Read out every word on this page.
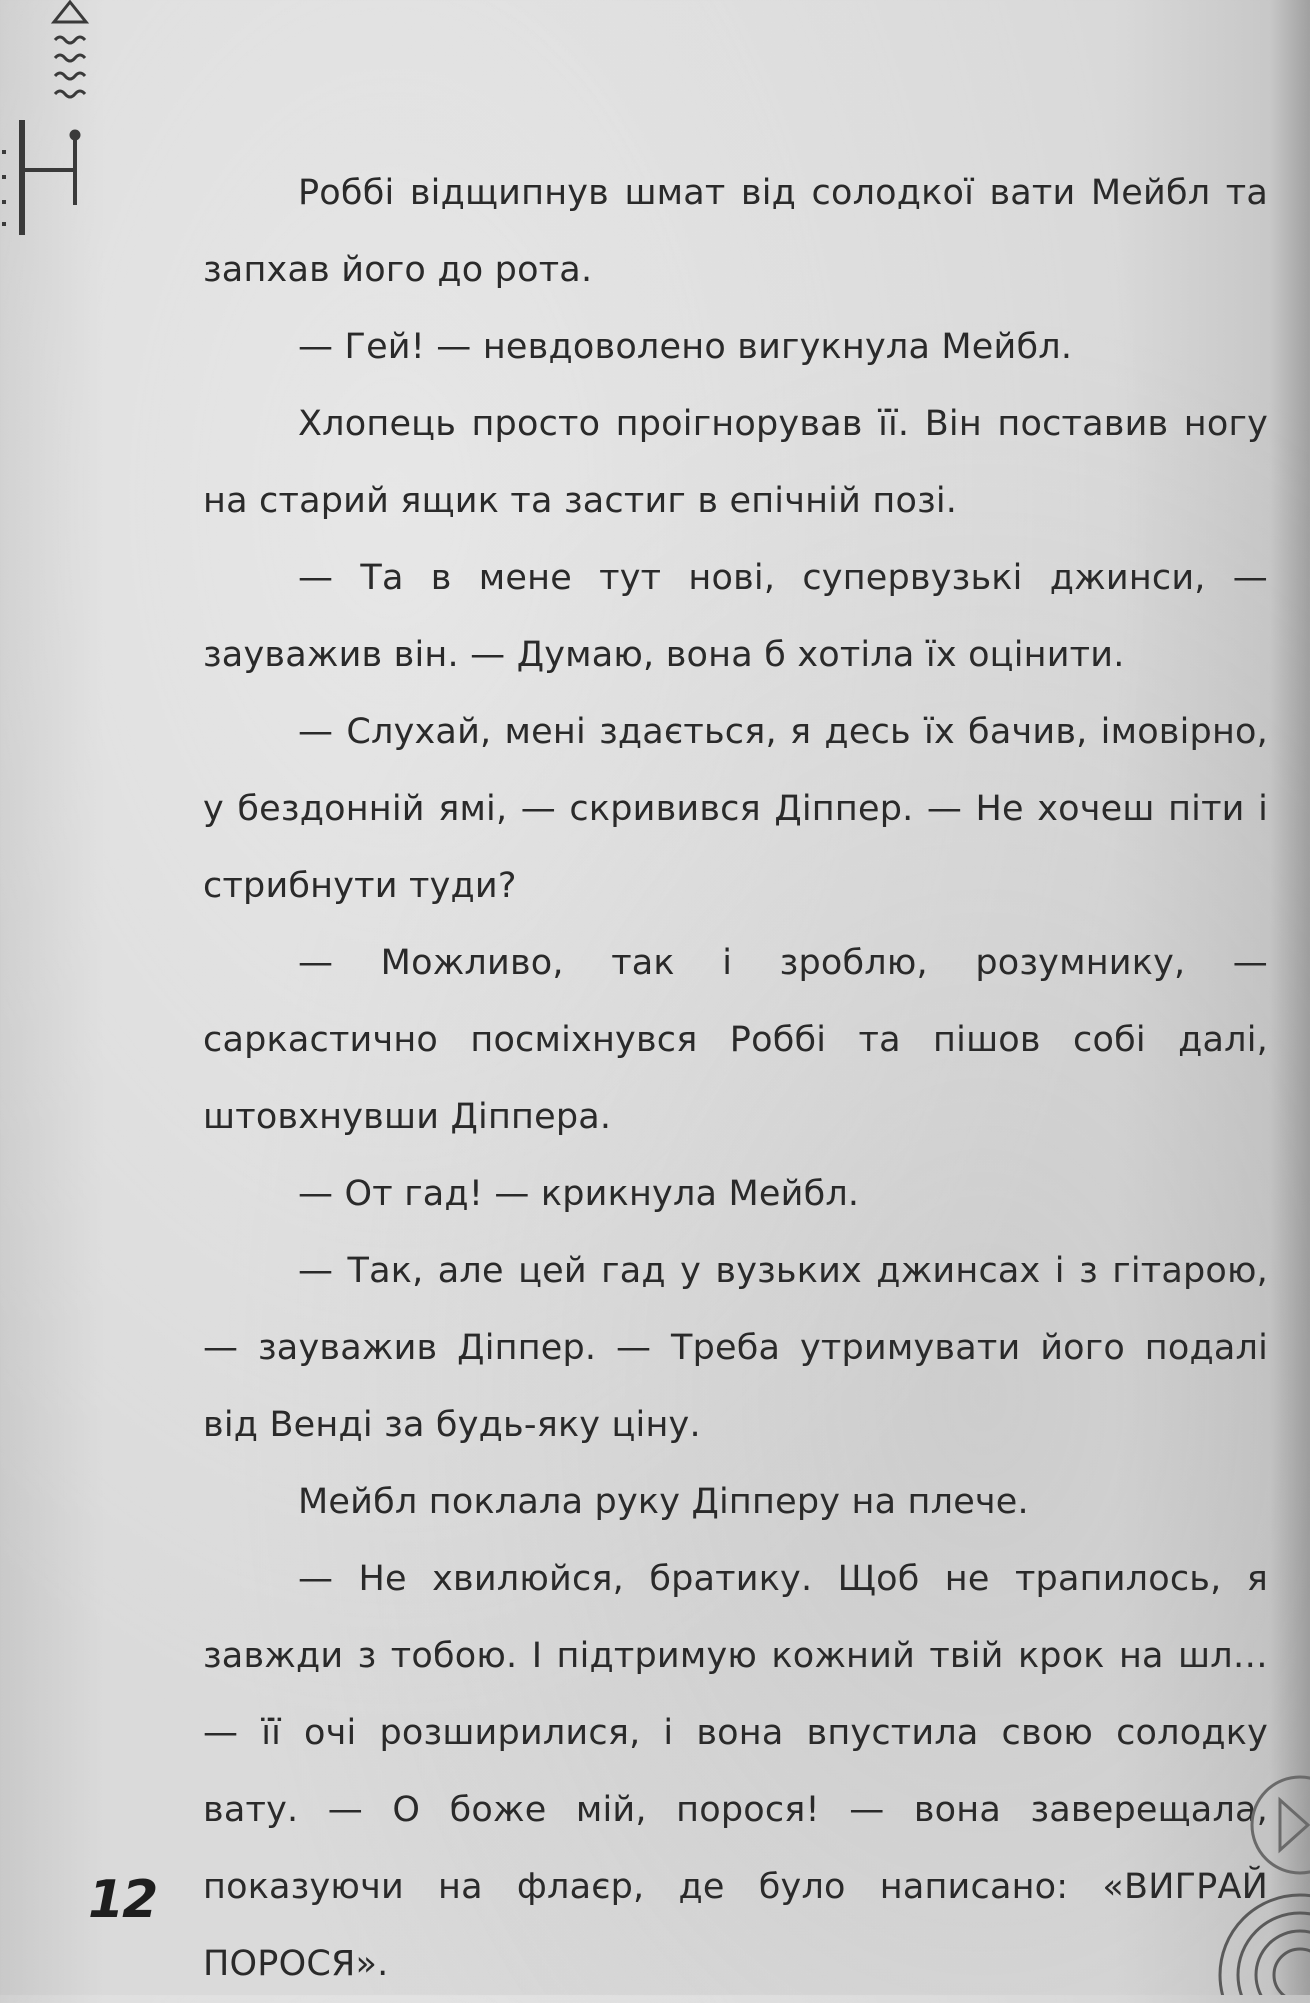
Роббі відщипнув шмат від солодкої вати Мейбл та запхав його до рота.

— Гей! — невдоволено вигукнула Мейбл.

Хлопець просто проігнорував її. Він поставив ногу на старий ящик та застиг в епічній позі.

— Та в мене тут нові, супервузькі джинси, — зауважив він. — Думаю, вона б хотіла їх оцінити.

— Слухай, мені здається, я десь їх бачив, імовірно, у бездонній ямі, — скривився Діппер. — Не хочеш піти і стрибнути туди?

— Можливо, так і зроблю, розумнику, — саркастично посміхнувся Роббі та пішов собі далі, штовхнувши Діппера.

— От гад! — крикнула Мейбл.

— Так, але цей гад у вузьких джинсах і з гітарою, — зауважив Діппер. — Треба утримувати його подалі від Венді за будь-яку ціну.

Мейбл поклала руку Діпперу на плече.

— Не хвилюйся, братику. Щоб не трапилось, я завжди з тобою. І підтримую кожний твій крок на шл… — її очі розширилися, і вона впустила свою солодку вату. — О боже мій, порося! — вона заверещала, показуючи на флаєр, де було написано: «ВИГРАЙ ПОРОСЯ».

12
